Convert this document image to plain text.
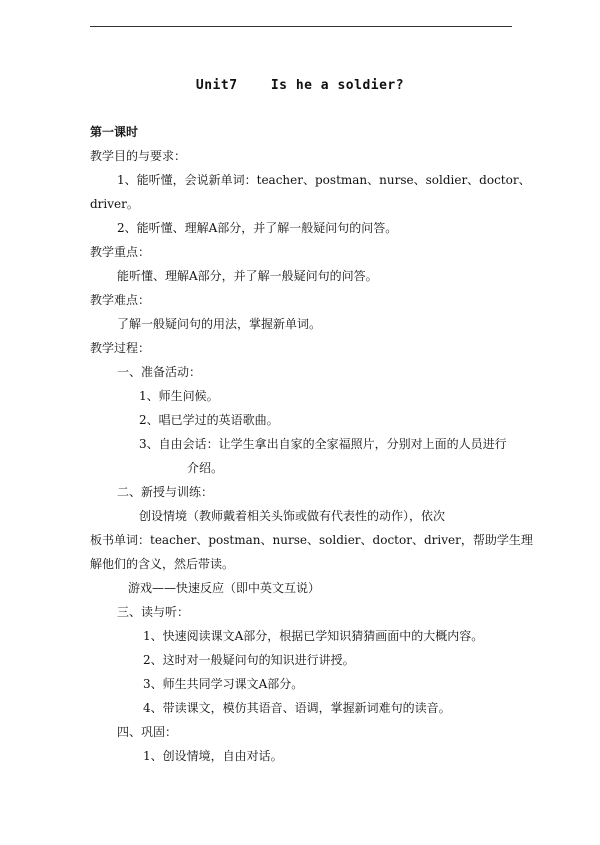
Unit7    Is he a soldier?
第一课时
教学目的与要求：
1、能听懂，会说新单词：teacher、postman、nurse、soldier、doctor、
driver。
2、能听懂、理解A部分，并了解一般疑问句的问答。
教学重点：
能听懂、理解A部分，并了解一般疑问句的问答。
教学难点：
了解一般疑问句的用法，掌握新单词。
教学过程：
一、准备活动：
1、师生问候。
2、唱已学过的英语歌曲。
3、自由会话：让学生拿出自家的全家福照片，分别对上面的人员进行
介绍。
二、新授与训练：
创设情境（教师戴着相关头饰或做有代表性的动作），依次
板书单词：teacher、postman、nurse、soldier、doctor、driver，帮助学生理
解他们的含义，然后带读。
游戏——快速反应（即中英文互说）
三、读与听：
1、快速阅读课文A部分，根据已学知识猜猜画面中的大概内容。
2、这时对一般疑问句的知识进行讲授。
3、师生共同学习课文A部分。
4、带读课文，模仿其语音、语调，掌握新词难句的读音。
四、巩固：
1、创设情境，自由对话。
